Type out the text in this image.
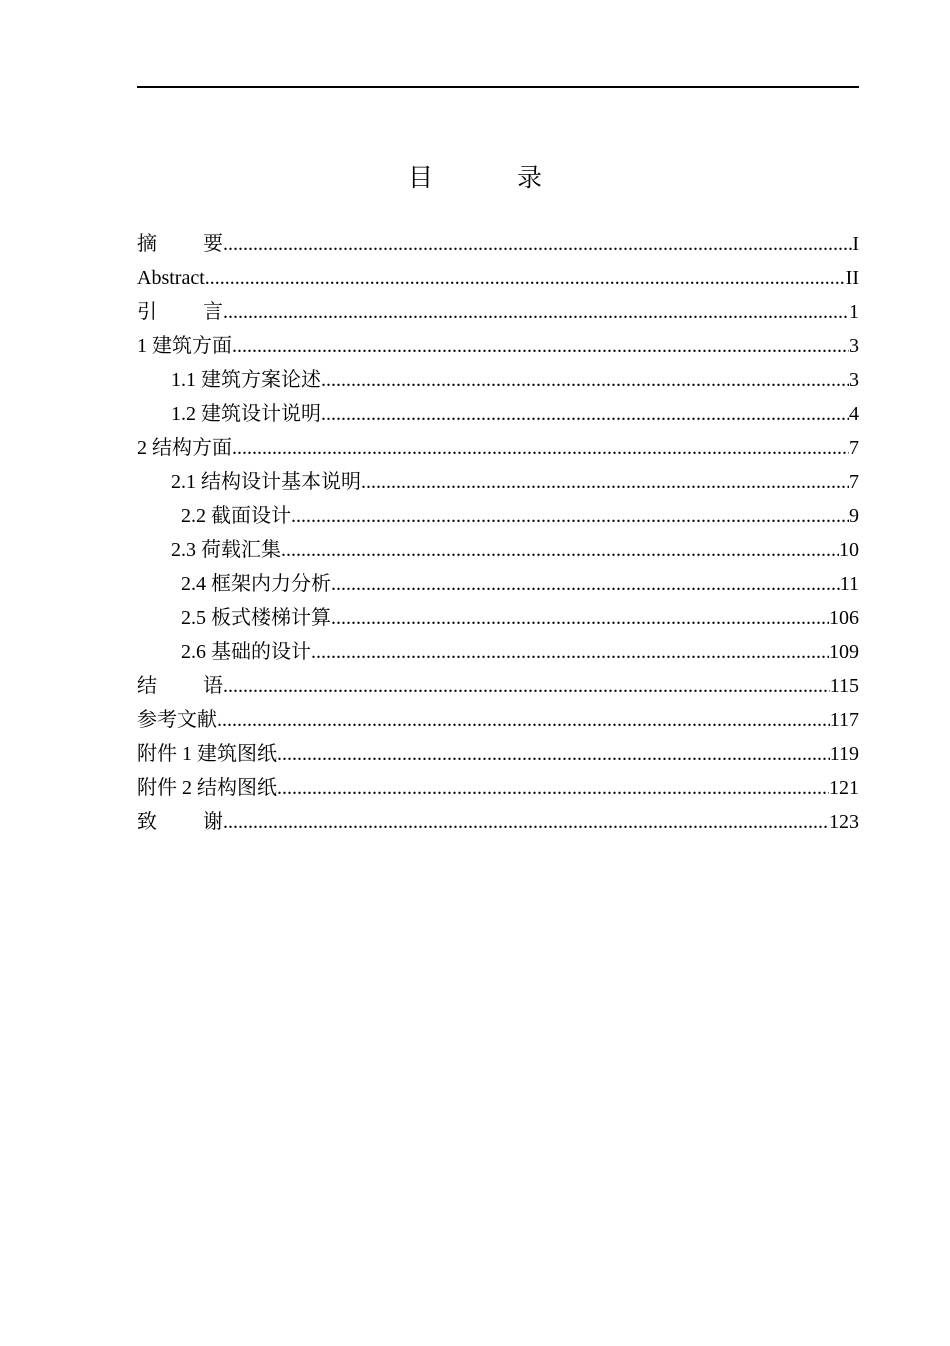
目 录
摘要 .....	I
Abstract .....	II
引言 .....	1
1 建筑方面 .....	3
1.1 建筑方案论述 .....	3
1.2 建筑设计说明 .....	4
2 结构方面 .....	7
2.1 结构设计基本说明 .....	7
2.2 截面设计 .....	9
2.3 荷载汇集 .....	10
2.4 框架内力分析 .....	11
2.5 板式楼梯计算 .....	106
2.6 基础的设计 .....	109
结语 .....	115
参考文献 .....	117
附件 1 建筑图纸 .....	119
附件 2 结构图纸 .....	121
致谢 .....	123
